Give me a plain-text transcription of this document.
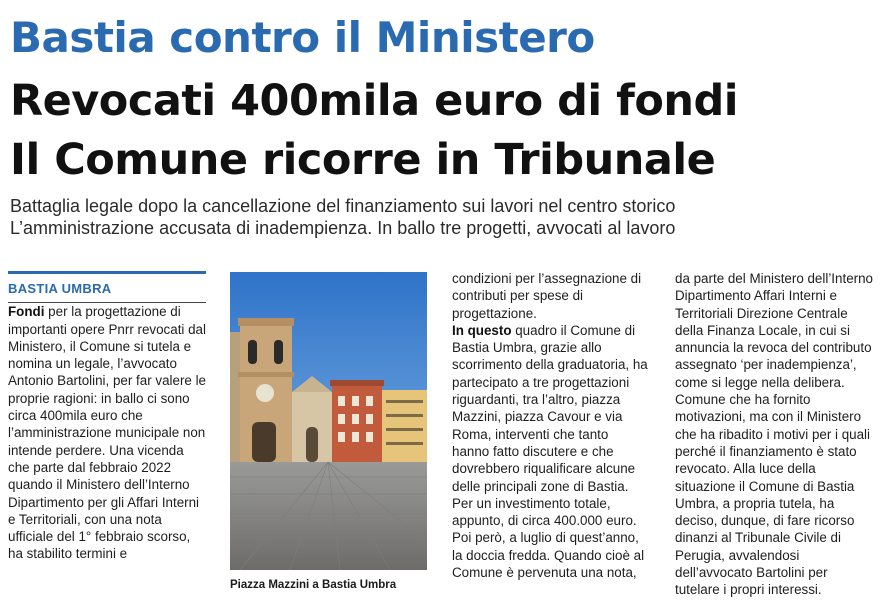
Bastia contro il Ministero
Revocati 400mila euro di fondi
Il Comune ricorre in Tribunale
Battaglia legale dopo la cancellazione del finanziamento sui lavori nel centro storico
L’amministrazione accusata di inadempienza. In ballo tre progetti, avvocati al lavoro
BASTIA UMBRA

Fondi per la progettazione di importanti opere Pnrr revocati dal Ministero, il Comune si tutela e nomina un legale, l’avvocato Antonio Bartolini, per far valere le proprie ragioni: in ballo ci sono circa 400mila euro che l’amministrazione municipale non intende perdere. Una vicenda che parte dal febbraio 2022 quando il Ministero dell’Interno Dipartimento per gli Affari Interni e Territoriali, con una nota ufficiale del 1° febbraio scorso, ha stabilito termini e

Piazza Mazzini a Bastia Umbra

condizioni per l’assegnazione di contributi per spese di progettazione.

In questo quadro il Comune di Bastia Umbra, grazie allo scorrimento della graduatoria, ha partecipato a tre progettazioni riguardanti, tra l’altro, piazza Mazzini, piazza Cavour e via Roma, interventi che tanto hanno fatto discutere e che dovrebbero riqualificare alcune delle principali zone di Bastia. Per un investimento totale, appunto, di circa 400.000 euro. Poi però, a luglio di quest’anno, la doccia fredda. Quando cioè al Comune è pervenuta una nota,

da parte del Ministero dell’Interno Dipartimento Affari Interni e Territoriali Direzione Centrale della Finanza Locale, in cui si annuncia la revoca del contributo assegnato ‘per inadempienza’, come si legge nella delibera. Comune che ha fornito motivazioni, ma con il Ministero che ha ribadito i motivi per i quali perché il finanziamento è stato revocato. Alla luce della situazione il Comune di Bastia Umbra, a propria tutela, ha deciso, dunque, di fare ricorso dinanzi al Tribunale Civile di Perugia, avvalendosi dell’avvocato Bartolini per tutelare i propri interessi.
